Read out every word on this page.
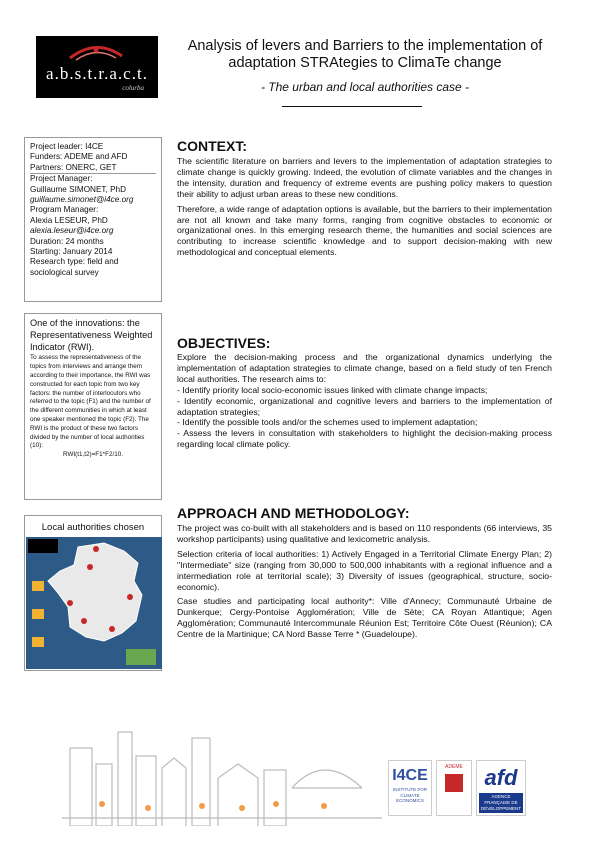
a.b.s.t.r.a.c.t.
colurba
Analysis of levers and Barriers to the implementation of
adaptation STRAtegies to ClimaTe change
- The urban and local authorities case -
Project leader: I4CE
Funders: ADEME and AFD
Partners: ONERC, GET
Project Manager:
Guillaume SIMONET, PhD
guillaume.simonet@i4ce.org
Program Manager:
Alexia LESEUR, PhD
alexia.leseur@i4ce.org
Duration: 24 months
Starting: January 2014
Research type: field and sociological survey
One of the innovations: the Representativeness Weighted Indicator (RWI).
To assess the representativeness of the topics from interviews and arrange them according to their importance, the RWI was constructed for each topic from two key factors: the number of interlocutors who referred to the topic (F1) and the number of the different communities in which at least one speaker mentioned the topic (F2). The RWI is the product of these two factors divided by the number of local authorities (10):
RWI(t1,t2)=F1*F2/10.
Local authorities chosen
CONTEXT:

The scientific literature on barriers and levers to the implementation of adaptation strategies to climate change is quickly growing. Indeed, the evolution of climate variables and the changes in the intensity, duration and frequency of extreme events are pushing policy makers to question their ability to adjust urban areas to these new conditions.

Therefore, a wide range of adaptation options is available, but the barriers to their implementation are not all known and take many forms, ranging from cognitive obstacles to economic or organizational ones. In this emerging research theme, the humanities and social sciences are contributing to increase scientific knowledge and to support decision-making with new methodological and conceptual elements.

OBJECTIVES:

Explore the decision-making process and the organizational dynamics underlying the implementation of adaptation strategies to climate change, based on a field study of ten French local authorities. The research aims to:

- Identify priority local socio-economic issues linked with climate change impacts;

- Identify economic, organizational and cognitive levers and barriers to the implementation of adaptation strategies;

- Identify the possible tools and/or the schemes used to implement adaptation;

- Assess the levers in consultation with stakeholders to highlight the decision-making process regarding local climate policy.

APPROACH AND METHODOLOGY:

The project was co-built with all stakeholders and is based on 110 respondents (66 interviews, 35 workshop participants) using qualitative and lexicometric analysis.

Selection criteria of local authorities: 1) Actively Engaged in a Territorial Climate Energy Plan; 2) "Intermediate" size (ranging from 30,000 to 500,000 inhabitants with a regional influence and a intermediation role at territorial scale); 3) Diversity of issues (geographical, structure, socio-economic).

Case studies and participating local authority*: Ville d'Annecy; Communauté Urbaine de Dunkerque; Cergy-Pontoise Agglomération; Ville de Sète; CA Royan Atlantique; Agen Agglomération; Communauté Intercommunale Réunion Est; Territoire Côte Ouest (Réunion); CA Centre de la Martinique; CA Nord Basse Terre * (Guadeloupe).

I4CE
INSTITUTE FOR CLIMATE ECONOMICS
ADEME afd
AGENCE FRANÇAISE DE DÉVELOPPEMENT
